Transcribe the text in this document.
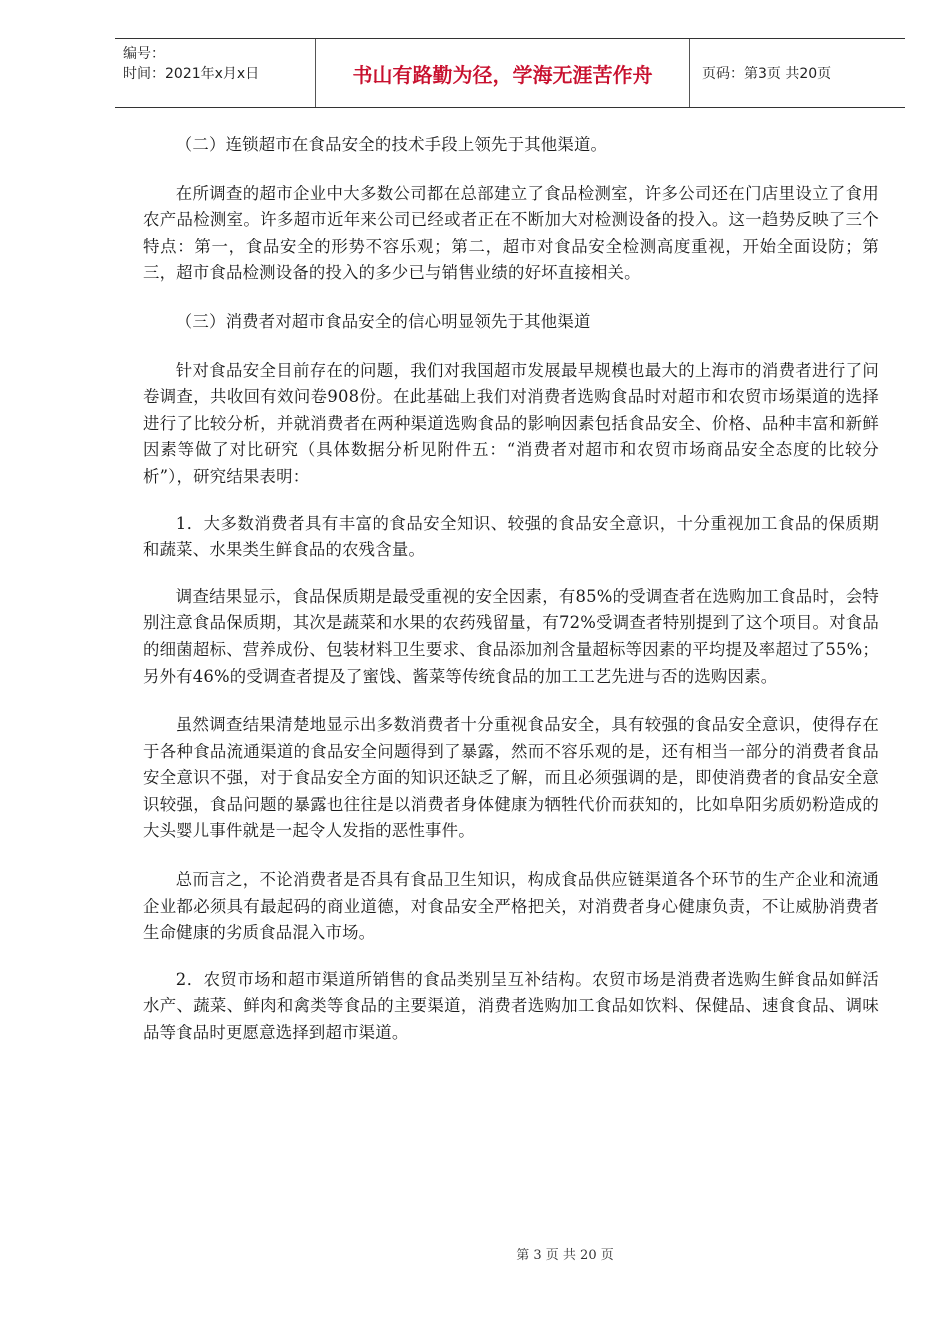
编号：
时间：2021年x月x日	书山有路勤为径，学海无涯苦作舟	页码：第3页 共20页

（二）连锁超市在食品安全的技术手段上领先于其他渠道。

在所调查的超市企业中大多数公司都在总部建立了食品检测室，许多公司还在门店里设立了食用农产品检测室。许多超市近年来公司已经或者正在不断加大对检测设备的投入。这一趋势反映了三个特点：第一，食品安全的形势不容乐观；第二，超市对食品安全检测高度重视，开始全面设防；第三，超市食品检测设备的投入的多少已与销售业绩的好坏直接相关。

（三）消费者对超市食品安全的信心明显领先于其他渠道

针对食品安全目前存在的问题，我们对我国超市发展最早规模也最大的上海市的消费者进行了问卷调查，共收回有效问卷908份。在此基础上我们对消费者选购食品时对超市和农贸市场渠道的选择进行了比较分析，并就消费者在两种渠道选购食品的影响因素包括食品安全、价格、品种丰富和新鲜因素等做了对比研究（具体数据分析见附件五：“消费者对超市和农贸市场商品安全态度的比较分析”），研究结果表明：

1．大多数消费者具有丰富的食品安全知识、较强的食品安全意识，十分重视加工食品的保质期和蔬菜、水果类生鲜食品的农残含量。

调查结果显示，食品保质期是最受重视的安全因素，有85%的受调查者在选购加工食品时，会特别注意食品保质期，其次是蔬菜和水果的农药残留量，有72%受调查者特别提到了这个项目。对食品的细菌超标、营养成份、包装材料卫生要求、食品添加剂含量超标等因素的平均提及率超过了55%；另外有46%的受调查者提及了蜜饯、酱菜等传统食品的加工工艺先进与否的选购因素。

虽然调查结果清楚地显示出多数消费者十分重视食品安全，具有较强的食品安全意识，使得存在于各种食品流通渠道的食品安全问题得到了暴露，然而不容乐观的是，还有相当一部分的消费者食品安全意识不强，对于食品安全方面的知识还缺乏了解，而且必须强调的是，即使消费者的食品安全意识较强，食品问题的暴露也往往是以消费者身体健康为牺牲代价而获知的，比如阜阳劣质奶粉造成的大头婴儿事件就是一起令人发指的恶性事件。

总而言之，不论消费者是否具有食品卫生知识，构成食品供应链渠道各个环节的生产企业和流通企业都必须具有最起码的商业道德，对食品安全严格把关，对消费者身心健康负责，不让威胁消费者生命健康的劣质食品混入市场。

2．农贸市场和超市渠道所销售的食品类别呈互补结构。农贸市场是消费者选购生鲜食品如鲜活水产、蔬菜、鲜肉和禽类等食品的主要渠道，消费者选购加工食品如饮料、保健品、速食食品、调味品等食品时更愿意选择到超市渠道。

第 3 页 共 20 页
